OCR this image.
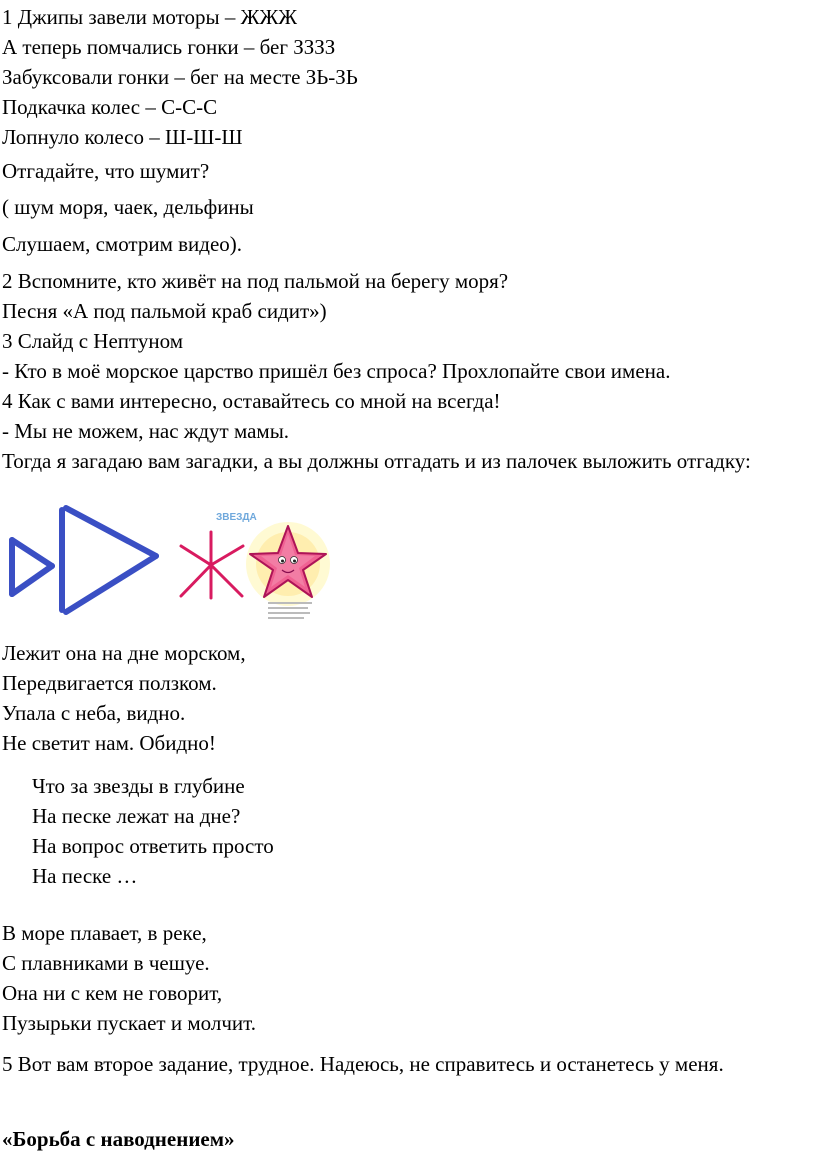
1 Джипы завели моторы – ЖЖЖ
А теперь помчались гонки – бег ЗЗЗЗ
Забуксовали гонки – бег на месте ЗЬ-ЗЬ
Подкачка колес – С-С-С
Лопнуло колесо – Ш-Ш-Ш
Отгадайте, что шумит?
( шум моря, чаек, дельфины
Слушаем, смотрим видео).
2 Вспомните, кто живёт на под пальмой на берегу моря?
Песня «А под пальмой краб сидит»)
3 Слайд с Нептуном
- Кто в моё морское царство пришёл без спроса? Прохлопайте свои имена.
4 Как с вами интересно, оставайтесь со мной на всегда!
- Мы не можем, нас ждут мамы.
Тогда я загадаю вам загадки, а вы должны отгадать и из палочек выложить отгадку:
ЗВЕЗДА
Лежит она на дне морском,
Передвигается ползком.
Упала с неба, видно.
Не светит нам. Обидно!
Что за звезды в глубине
На песке лежат на дне?
На вопрос ответить просто
На песке …
В море плавает, в реке,
С плавниками в чешуе.
Она ни с кем не говорит,
Пузырьки пускает и молчит.
5 Вот вам второе задание, трудное. Надеюсь, не справитесь и останетесь у меня.
«Борьба с наводнением»
